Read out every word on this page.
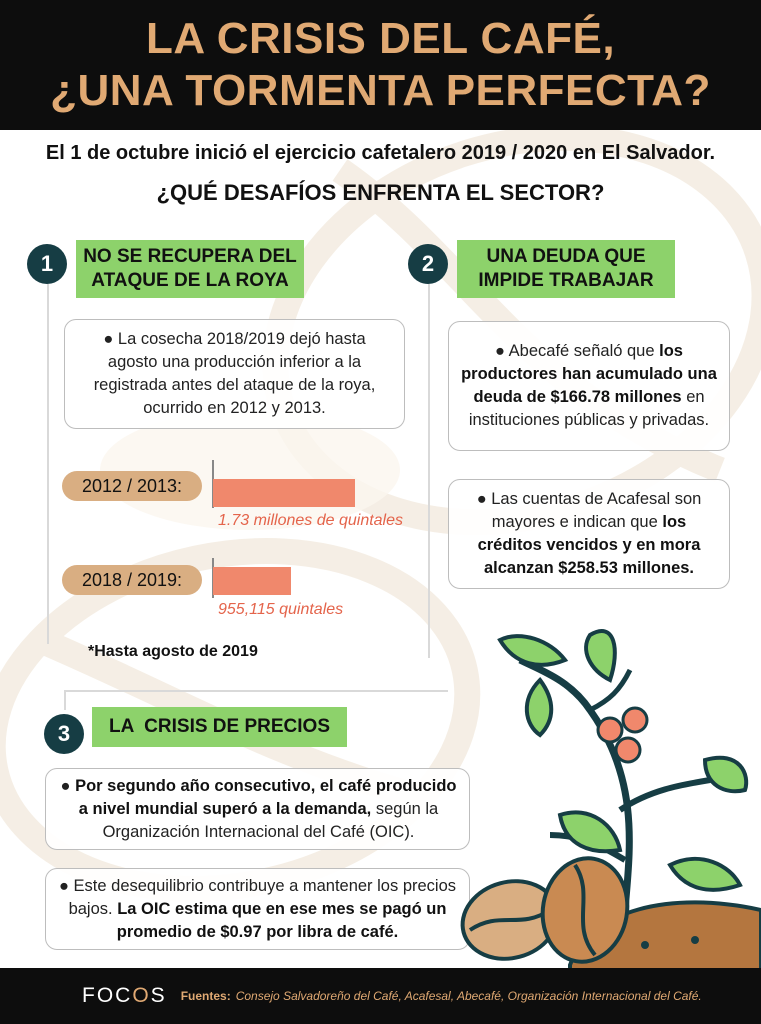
LA CRISIS DEL CAFÉ,
¿UNA TORMENTA PERFECTA?
El 1 de octubre inició el ejercicio cafetalero 2019 / 2020 en El Salvador.
¿QUÉ DESAFÍOS ENFRENTA EL SECTOR?
1	NO SE RECUPERA DEL
ATAQUE DE LA ROYA
● La cosecha 2018/2019 dejó hasta agosto una producción inferior a la registrada antes del ataque de la roya, ocurrido en 2012 y 2013.
2012 / 2013:
2018 / 2019:
1.73 millones de quintales
955,115 quintales
*Hasta agosto de 2019
2	UNA DEUDA QUE
IMPIDE TRABAJAR
● Abecafé señaló que los productores han acumulado una deuda de $166.78 millones en instituciones públicas y privadas.
● Las cuentas de Acafesal son mayores e indican que los créditos vencidos y en mora alcanzan $258.53 millones.
3	LA  CRISIS DE PRECIOS
● Por segundo año consecutivo, el café producido a nivel mundial superó a la demanda, según la Organización Internacional del Café (OIC).
● Este desequilibrio contribuye a mantener los precios bajos. La OIC estima que en ese mes se pagó un promedio de $0.97 por libra de café.
FOCOS Fuentes: Consejo Salvadoreño del Café, Acafesal, Abecafé, Organización Internacional del Café.
